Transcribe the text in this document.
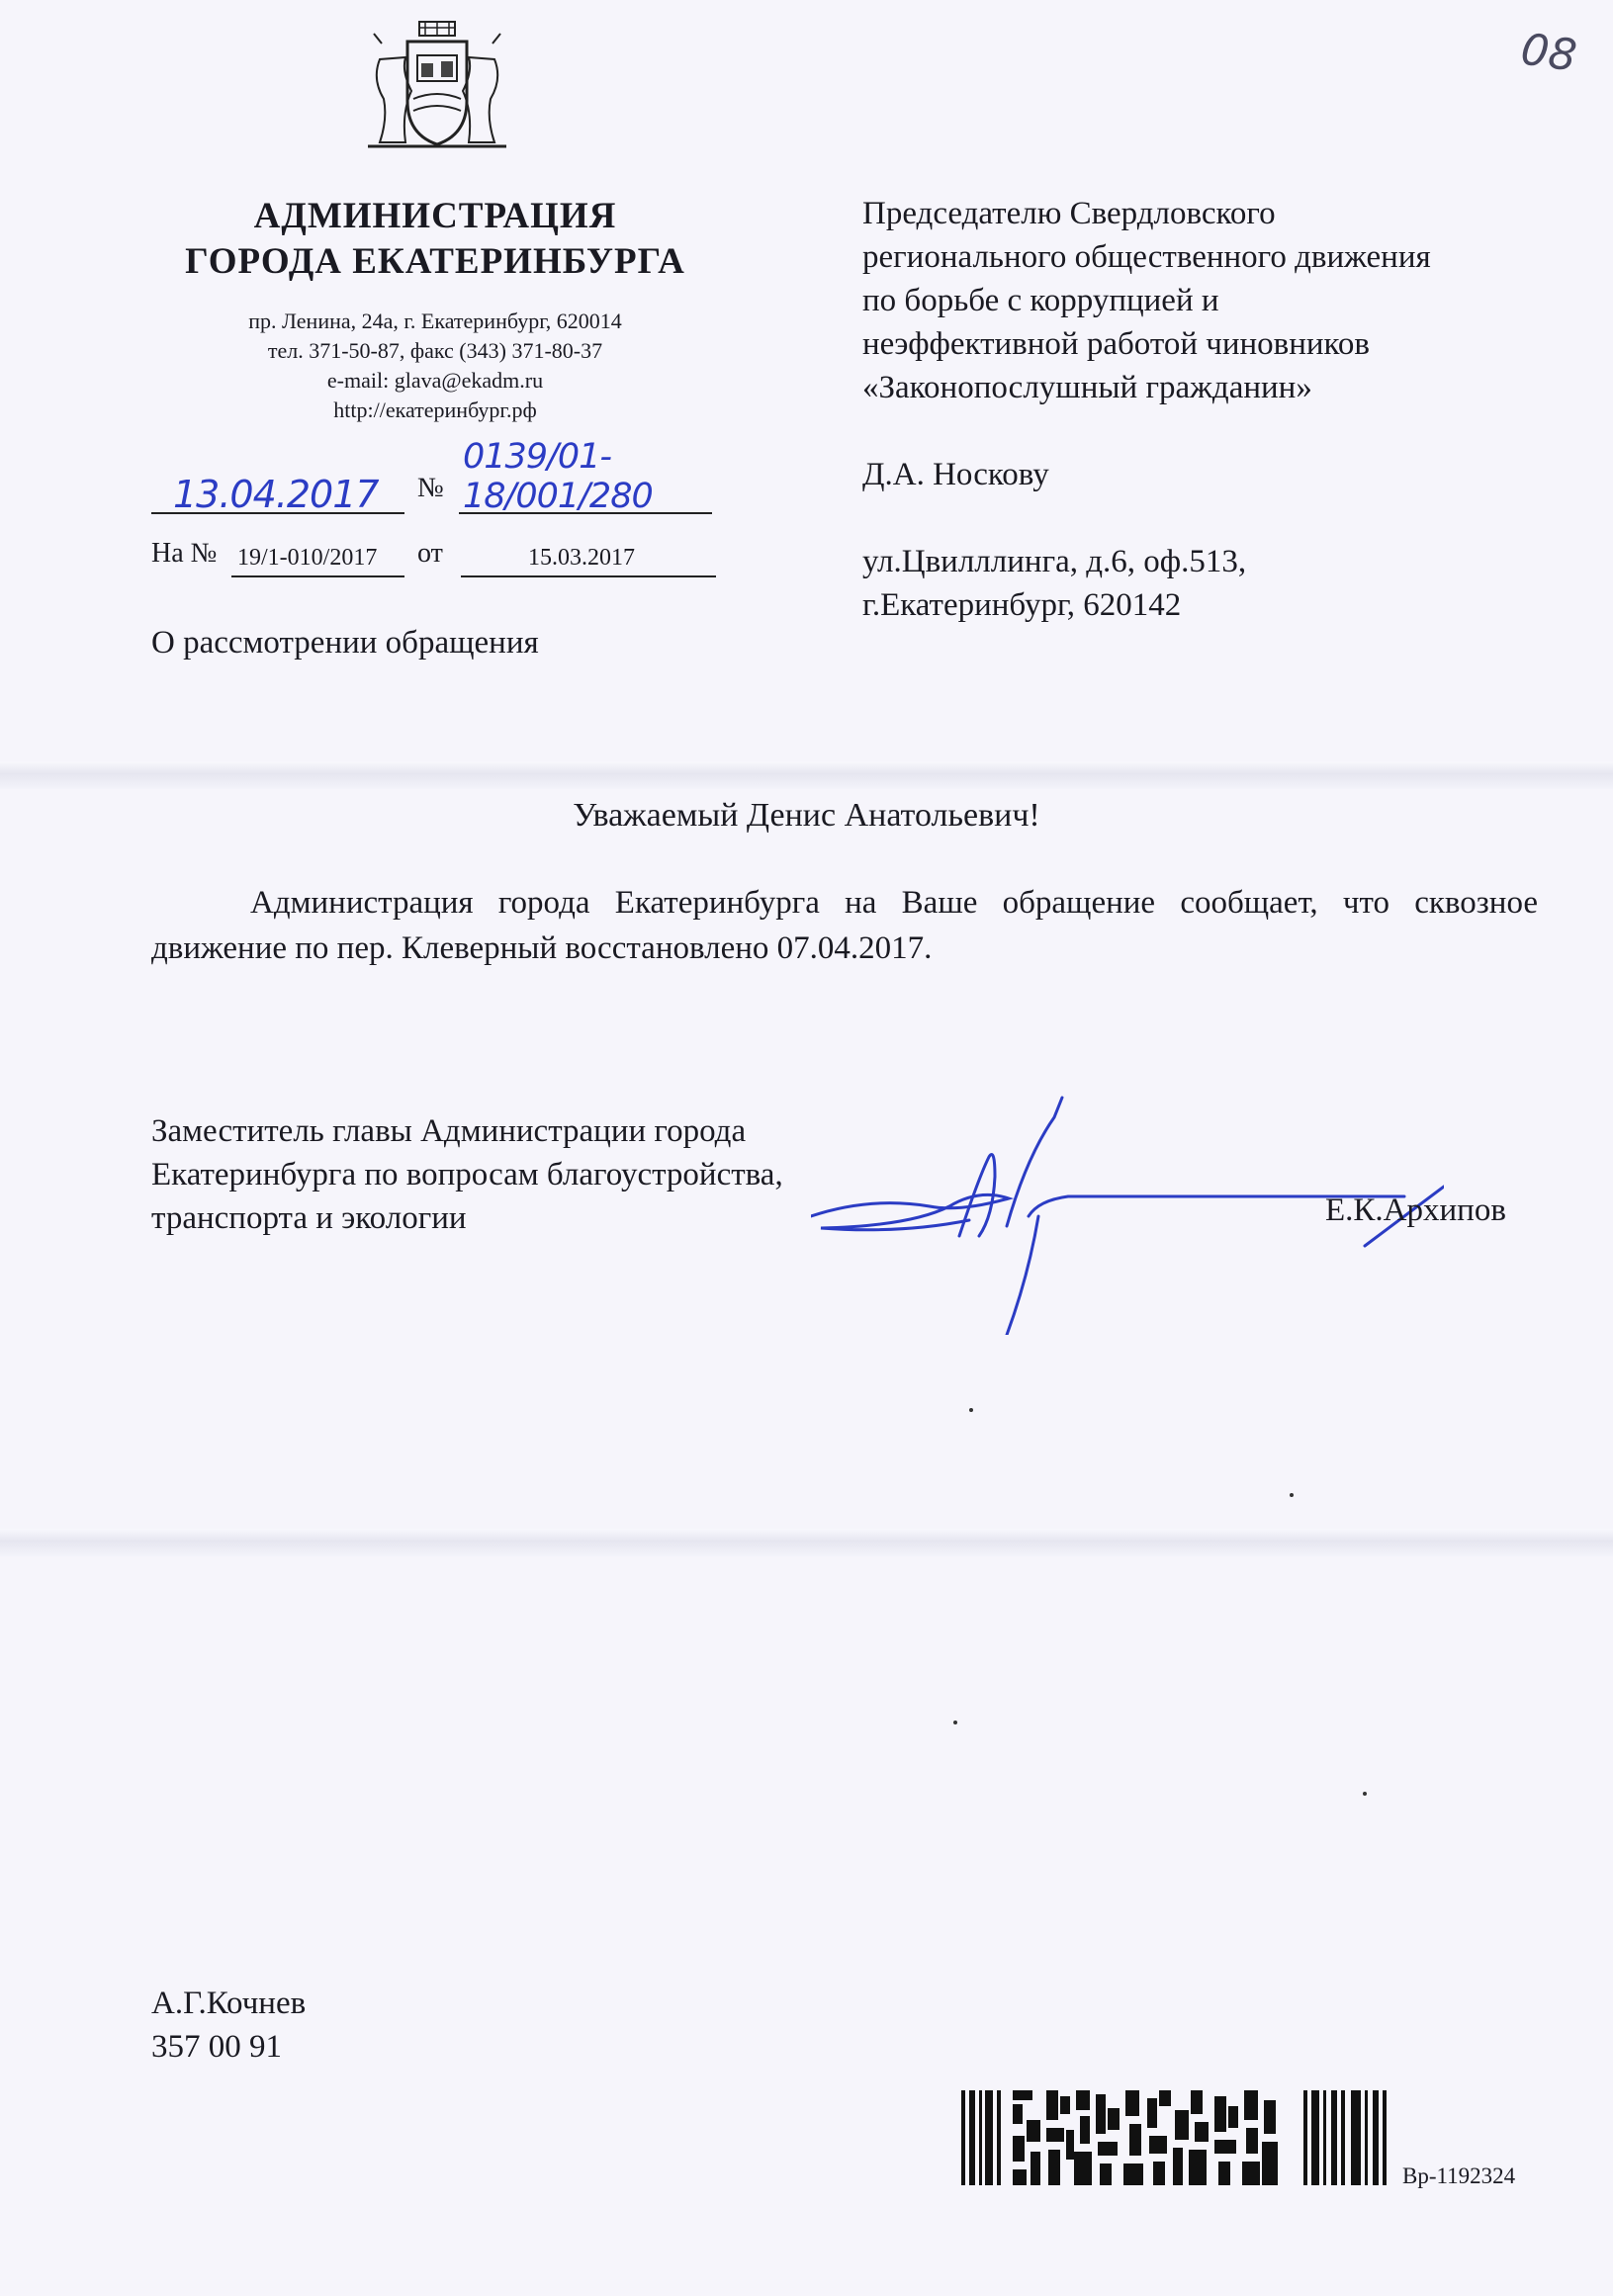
08
АДМИНИСТРАЦИЯ
ГОРОДА ЕКАТЕРИНБУРГА
пр. Ленина, 24а, г. Екатеринбург, 620014
тел. 371-50-87, факс (343) 371-80-37
e-mail: glava@ekadm.ru
http://екатеринбург.рф
13.04.2017 №
0139/01-18/001/280
На № 19/1-010/2017 от	15.03.2017
О рассмотрении обращения
Председателю Свердловского
регионального общественного движения
по борьбе с коррупцией и
неэффективной работой чиновников
«Законопослушный гражданин»
Д.А. Носкову
ул.Цвилллинга, д.6, оф.513,
г.Екатеринбург, 620142
Уважаемый Денис Анатольевич!
Администрация города Екатеринбурга на Ваше обращение сообщает, что сквозное движение по пер. Клеверный восстановлено 07.04.2017.
Заместитель главы Администрации города
Екатеринбурга по вопросам благоустройства,
транспорта и экологии	Е.К.Архипов
А.Г.Кочнев
357 00 91
Вр-1192324
